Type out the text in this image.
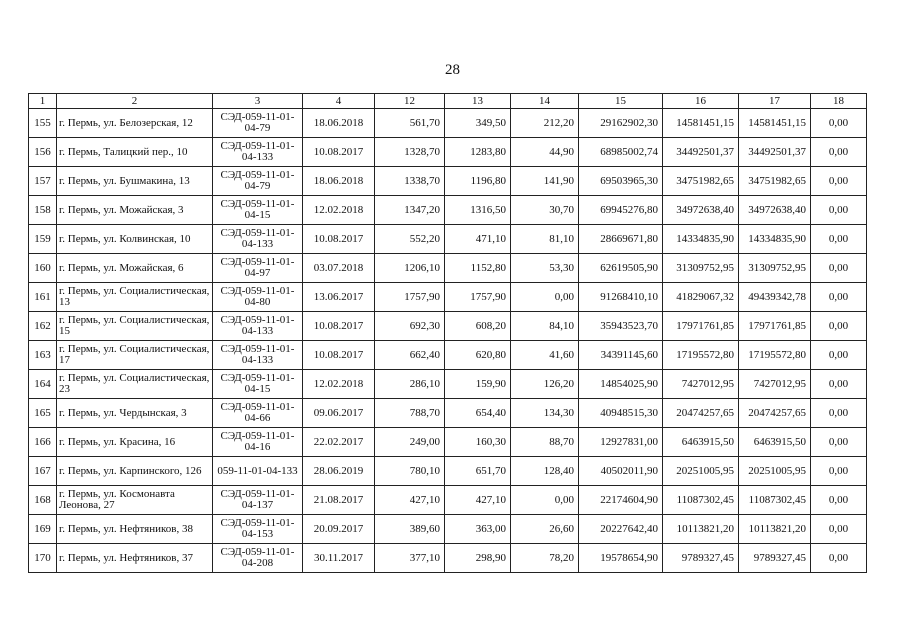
28
1	2	3	4	12	13	14	15	16	17	18
155	г. Пермь, ул. Белозерская, 12	СЭД-059-11-01-04-79	18.06.2018	561,70	349,50	212,20	29162902,30	14581451,15	14581451,15	0,00
156	г. Пермь, Талицкий пер., 10	СЭД-059-11-01-04-133	10.08.2017	1328,70	1283,80	44,90	68985002,74	34492501,37	34492501,37	0,00
157	г. Пермь, ул. Бушмакина, 13	СЭД-059-11-01-04-79	18.06.2018	1338,70	1196,80	141,90	69503965,30	34751982,65	34751982,65	0,00
158	г. Пермь, ул. Можайская, 3	СЭД-059-11-01-04-15	12.02.2018	1347,20	1316,50	30,70	69945276,80	34972638,40	34972638,40	0,00
159	г. Пермь, ул. Колвинская, 10	СЭД-059-11-01-04-133	10.08.2017	552,20	471,10	81,10	28669671,80	14334835,90	14334835,90	0,00
160	г. Пермь, ул. Можайская, 6	СЭД-059-11-01-04-97	03.07.2018	1206,10	1152,80	53,30	62619505,90	31309752,95	31309752,95	0,00
161	г. Пермь, ул. Социалистическая, 13	СЭД-059-11-01-04-80	13.06.2017	1757,90	1757,90	0,00	91268410,10	41829067,32	49439342,78	0,00
162	г. Пермь, ул. Социалистическая, 15	СЭД-059-11-01-04-133	10.08.2017	692,30	608,20	84,10	35943523,70	17971761,85	17971761,85	0,00
163	г. Пермь, ул. Социалистическая, 17	СЭД-059-11-01-04-133	10.08.2017	662,40	620,80	41,60	34391145,60	17195572,80	17195572,80	0,00
164	г. Пермь, ул. Социалистическая, 23	СЭД-059-11-01-04-15	12.02.2018	286,10	159,90	126,20	14854025,90	7427012,95	7427012,95	0,00
165	г. Пермь, ул. Чердынская, 3	СЭД-059-11-01-04-66	09.06.2017	788,70	654,40	134,30	40948515,30	20474257,65	20474257,65	0,00
166	г. Пермь, ул. Красина, 16	СЭД-059-11-01-04-16	22.02.2017	249,00	160,30	88,70	12927831,00	6463915,50	6463915,50	0,00
167	г. Пермь, ул. Карпинского, 126	059-11-01-04-133	28.06.2019	780,10	651,70	128,40	40502011,90	20251005,95	20251005,95	0,00
168	г. Пермь, ул. Космонавта Леонова, 27	СЭД-059-11-01-04-137	21.08.2017	427,10	427,10	0,00	22174604,90	11087302,45	11087302,45	0,00
169	г. Пермь, ул. Нефтяников, 38	СЭД-059-11-01-04-153	20.09.2017	389,60	363,00	26,60	20227642,40	10113821,20	10113821,20	0,00
170	г. Пермь, ул. Нефтяников, 37	СЭД-059-11-01-04-208	30.11.2017	377,10	298,90	78,20	19578654,90	9789327,45	9789327,45	0,00
